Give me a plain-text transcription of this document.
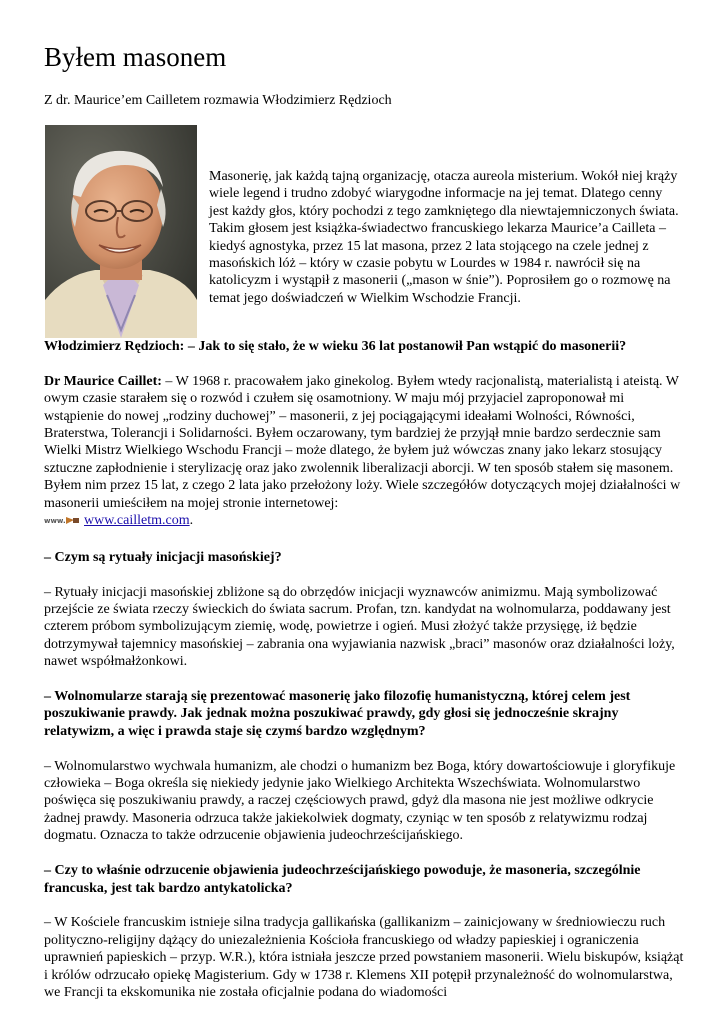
Byłem masonem

Z dr. Maurice’em Cailletem rozmawia Włodzimierz Rędzioch

Masonerię, jak każdą tajną organizację, otacza aureola misterium. Wokół niej krąży wiele legend i trudno zdobyć wiarygodne informacje na jej temat. Dlatego cenny jest każdy głos, który pochodzi z tego zamkniętego dla niewtajemniczonych świata. Takim głosem jest książka-świadectwo francuskiego lekarza Maurice’a Cailleta – kiedyś agnostyka, przez 15 lat masona, przez 2 lata stojącego na czele jednej z masońskich lóż – który w czasie pobytu w Lourdes w 1984 r. nawrócił się na katolicyzm i wystąpił z masonerii („mason w śnie”). Poprosiłem go o rozmowę na temat jego doświadczeń w Wielkim Wschodzie Francji.

Włodzimierz Rędzioch: – Jak to się stało, że w wieku 36 lat postanowił Pan wstąpić do masonerii?

Dr Maurice Caillet: – W 1968 r. pracowałem jako ginekolog. Byłem wtedy racjonalistą, materialistą i ateistą. W owym czasie starałem się o rozwód i czułem się osamotniony. W maju mój przyjaciel zaproponował mi wstąpienie do nowej „rodziny duchowej” – masonerii, z jej pociągającymi ideałami Wolności, Równości, Braterstwa, Tolerancji i Solidarności. Byłem oczarowany, tym bardziej że przyjął mnie bardzo serdecznie sam Wielki Mistrz Wielkiego Wschodu Francji – może dlatego, że byłem już wówczas znany jako lekarz stosujący sztuczne zapłodnienie i sterylizację oraz jako zwolennik liberalizacji aborcji. W ten sposób stałem się masonem. Byłem nim przez 15 lat, z czego 2 lata jako przełożony loży. Wiele szczegółów dotyczących mojej działalności w masonerii umieściłem na mojej stronie internetowej:

www. www.cailletm.com.

– Czym są rytuały inicjacji masońskiej?

– Rytuały inicjacji masońskiej zbliżone są do obrzędów inicjacji wyznawców animizmu. Mają symbolizować przejście ze świata rzeczy świeckich do świata sacrum. Profan, tzn. kandydat na wolnomularza, poddawany jest czterem próbom symbolizującym ziemię, wodę, powietrze i ogień. Musi złożyć także przysięgę, iż będzie dotrzymywał tajemnicy masońskiej – zabrania ona wyjawiania nazwisk „braci” masonów oraz działalności loży, nawet współmałżonkowi.

– Wolnomularze starają się prezentować masonerię jako filozofię humanistyczną, której celem jest poszukiwanie prawdy. Jak jednak można poszukiwać prawdy, gdy głosi się jednocześnie skrajny relatywizm, a więc i prawda staje się czymś bardzo względnym?

– Wolnomularstwo wychwala humanizm, ale chodzi o humanizm bez Boga, który dowartościowuje i gloryfikuje człowieka – Boga określa się niekiedy jedynie jako Wielkiego Architekta Wszechświata. Wolnomularstwo poświęca się poszukiwaniu prawdy, a raczej częściowych prawd, gdyż dla masona nie jest możliwe odkrycie żadnej prawdy. Masoneria odrzuca także jakiekolwiek dogmaty, czyniąc w ten sposób z relatywizmu rodzaj dogmatu. Oznacza to także odrzucenie objawienia judeochrześcijańskiego.

– Czy to właśnie odrzucenie objawienia judeochrześcijańskiego powoduje, że masoneria, szczególnie francuska, jest tak bardzo antykatolicka?

– W Kościele francuskim istnieje silna tradycja gallikańska (gallikanizm – zainicjowany w średniowieczu ruch polityczno-religijny dążący do uniezależnienia Kościoła francuskiego od władzy papieskiej i ograniczenia uprawnień papieskich – przyp. W.R.), która istniała jeszcze przed powstaniem masonerii. Wielu biskupów, książąt i królów odrzucało opiekę Magisterium. Gdy w 1738 r. Klemens XII potępił przynależność do wolnomularstwa, we Francji ta ekskomunika nie została oficjalnie podana do wiadomości
